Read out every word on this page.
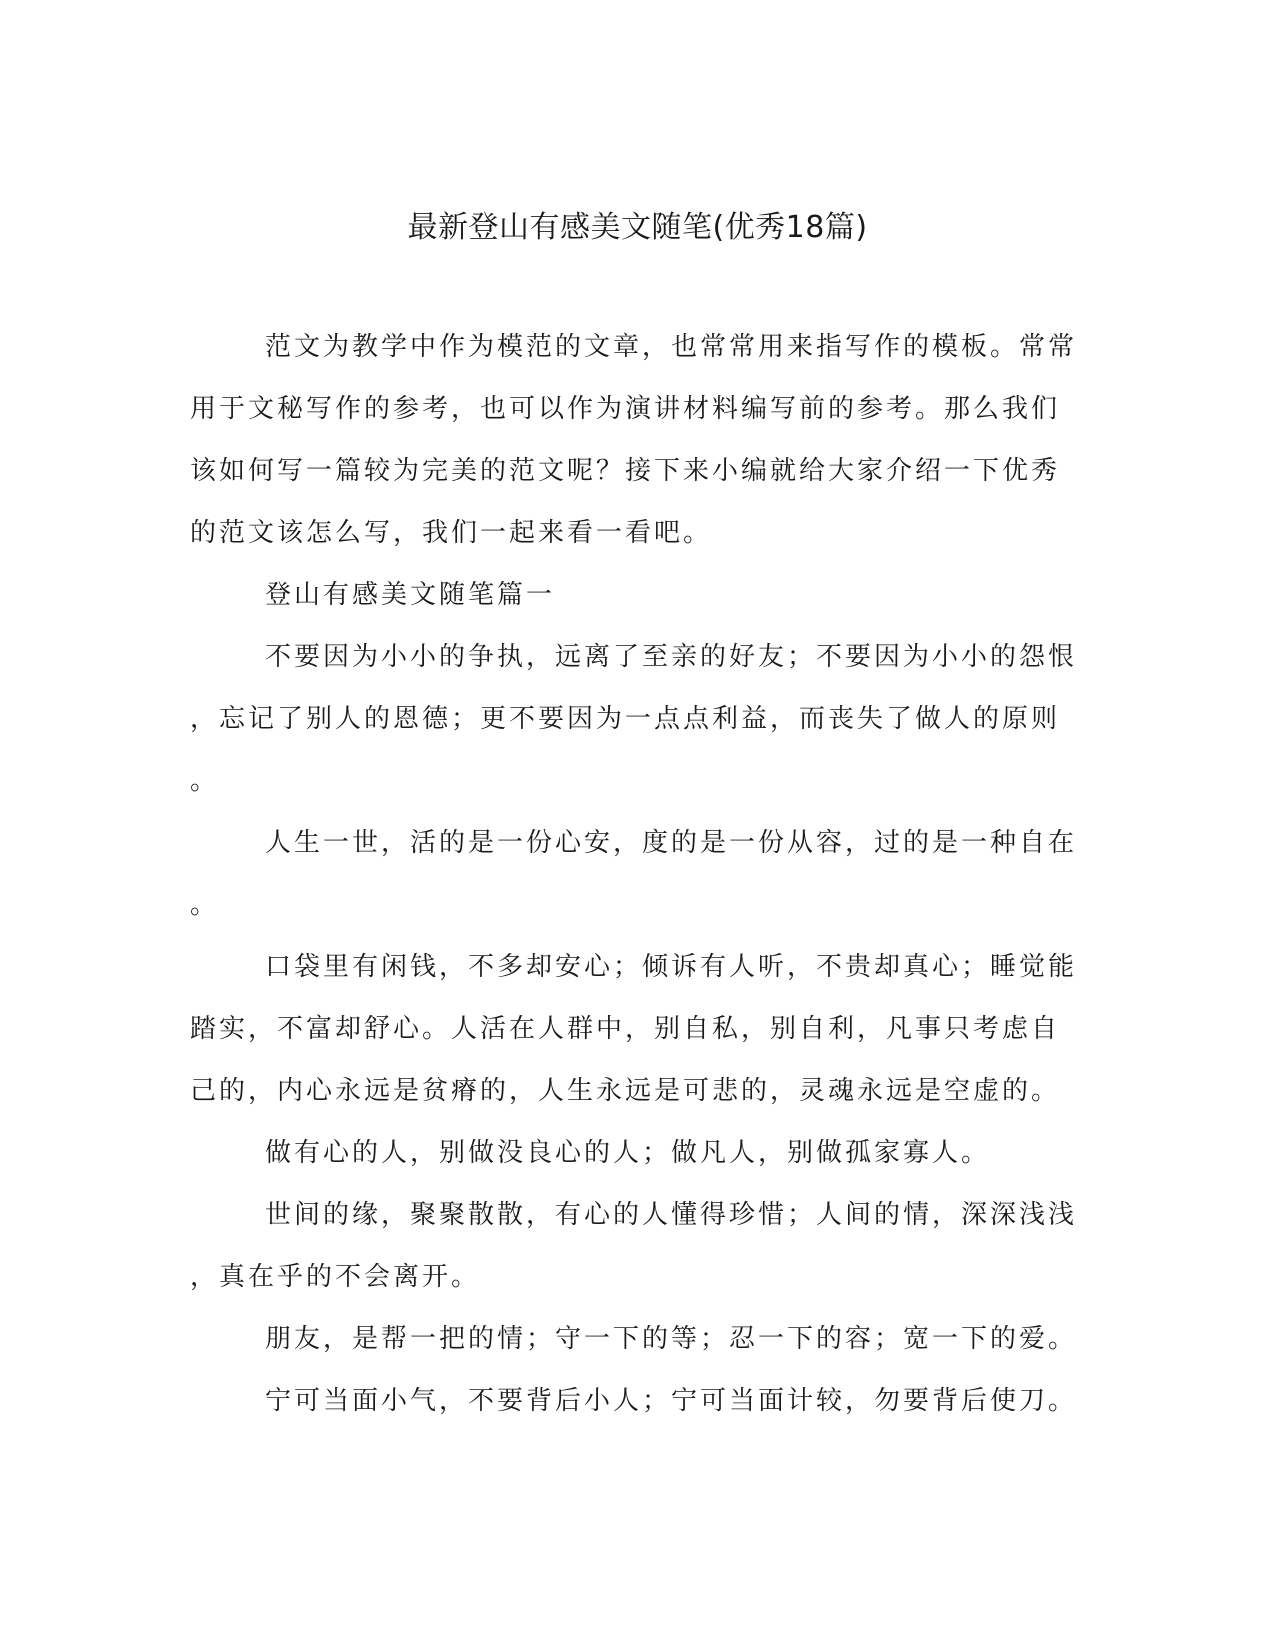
最新登山有感美文随笔(优秀18篇)
范文为教学中作为模范的文章，也常常用来指写作的模板。常常
用于文秘写作的参考，也可以作为演讲材料编写前的参考。那么我们
该如何写一篇较为完美的范文呢？接下来小编就给大家介绍一下优秀
的范文该怎么写，我们一起来看一看吧。
登山有感美文随笔篇一
不要因为小小的争执，远离了至亲的好友；不要因为小小的怨恨
，忘记了别人的恩德；更不要因为一点点利益，而丧失了做人的原则
。
人生一世，活的是一份心安，度的是一份从容，过的是一种自在
。
口袋里有闲钱，不多却安心；倾诉有人听，不贵却真心；睡觉能
踏实，不富却舒心。人活在人群中，别自私，别自利，凡事只考虑自
己的，内心永远是贫瘠的，人生永远是可悲的，灵魂永远是空虚的。
做有心的人，别做没良心的人；做凡人，别做孤家寡人。
世间的缘，聚聚散散，有心的人懂得珍惜；人间的情，深深浅浅
，真在乎的不会离开。
朋友，是帮一把的情；守一下的等；忍一下的容；宽一下的爱。
宁可当面小气，不要背后小人；宁可当面计较，勿要背后使刀。
